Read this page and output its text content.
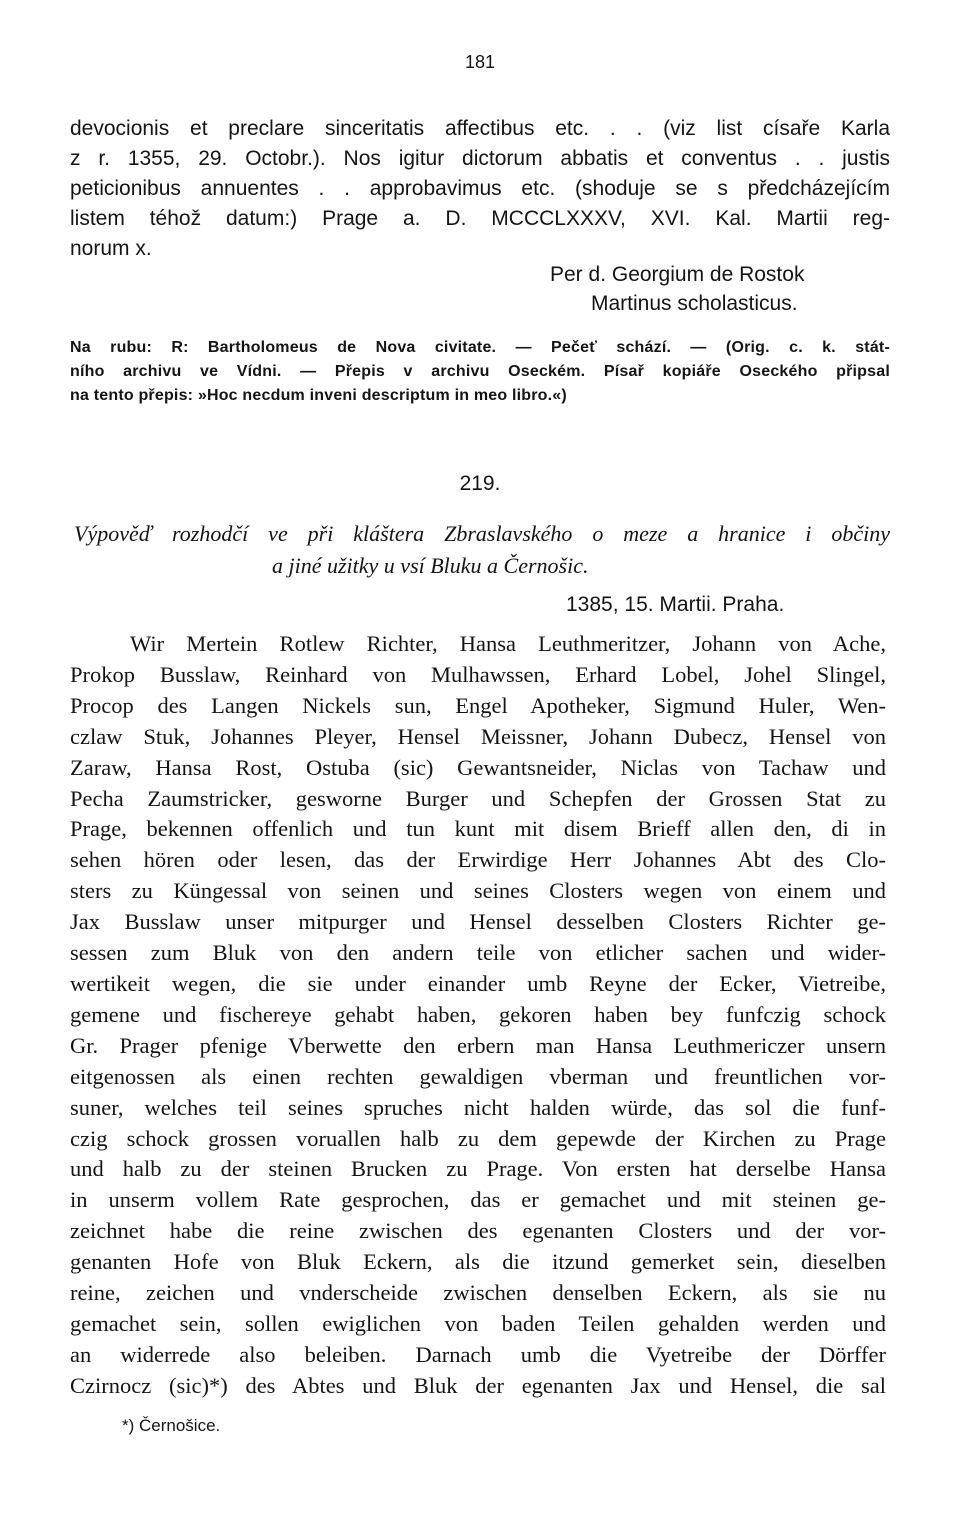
181
devocionis et preclare sinceritatis affectibus etc. . . (viz list císaře Karla
z r. 1355, 29. Octobr.). Nos igitur dictorum abbatis et conventus . . justis
peticionibus annuentes . . approbavimus etc. (shoduje se s předcházejícím
listem téhož datum:) Prage a. D. MCCCLXXXV, XVI. Kal. Martii reg-
norum x.
Per d. Georgium de Rostok
Martinus scholasticus.
Na rubu: R: Bartholomeus de Nova civitate. — Pečeť schází. — (Orig. c. k. stát-
ního archivu ve Vídni. — Přepis v archivu Oseckém. Písař kopiáře Oseckého připsal
na tento přepis: »Hoc necdum inveni descriptum in meo libro.«)
219.
Výpověď rozhodčí ve při kláštera Zbraslavského o meze a hranice i občiny
a jiné užitky u vsí Bluku a Černošic.
1385, 15. Martii. Praha.
Wir Mertein Rotlew Richter, Hansa Leuthmeritzer, Johann von Ache,
Prokop Busslaw, Reinhard von Mulhawssen, Erhard Lobel, Johel Slingel,
Procop des Langen Nickels sun, Engel Apotheker, Sigmund Huler, Wen-
czlaw Stuk, Johannes Pleyer, Hensel Meissner, Johann Dubecz, Hensel von
Zaraw, Hansa Rost, Ostuba (sic) Gewantsneider, Niclas von Tachaw und
Pecha Zaumstricker, gesworne Burger und Schepfen der Grossen Stat zu
Prage, bekennen offenlich und tun kunt mit disem Brieff allen den, di in
sehen hören oder lesen, das der Erwirdige Herr Johannes Abt des Clo-
sters zu Küngessal von seinen und seines Closters wegen von einem und
Jax Busslaw unser mitpurger und Hensel desselben Closters Richter ge-
sessen zum Bluk von den andern teile von etlicher sachen und wider-
wertikeit wegen, die sie under einander umb Reyne der Ecker, Vietreibe,
gemene und fischereye gehabt haben, gekoren haben bey funfczig schock
Gr. Prager pfenige Vberwette den erbern man Hansa Leuthmericzer unsern
eitgenossen als einen rechten gewaldigen vberman und freuntlichen vor-
suner, welches teil seines spruches nicht halden würde, das sol die funf-
czig schock grossen voruallen halb zu dem gepewde der Kirchen zu Prage
und halb zu der steinen Brucken zu Prage. Von ersten hat derselbe Hansa
in unserm vollem Rate gesprochen, das er gemachet und mit steinen ge-
zeichnet habe die reine zwischen des egenanten Closters und der vor-
genanten Hofe von Bluk Eckern, als die itzund gemerket sein, dieselben
reine, zeichen und vnderscheide zwischen denselben Eckern, als sie nu
gemachet sein, sollen ewiglichen von baden Teilen gehalden werden und
an widerrede also beleiben. Darnach umb die Vyetreibe der Dörffer
Czirnocz (sic)*) des Abtes und Bluk der egenanten Jax und Hensel, die sal
*) Černošice.
